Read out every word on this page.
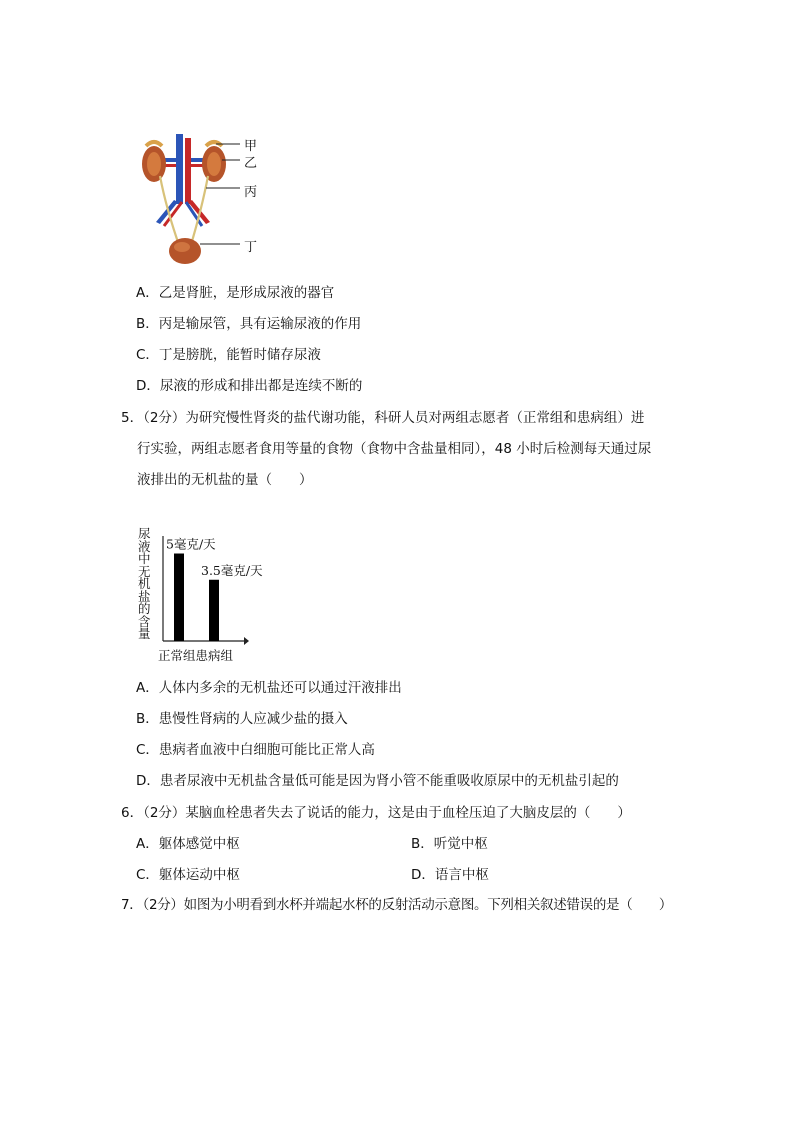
甲
乙
丙
丁
A．乙是肾脏，是形成尿液的器官
B．丙是输尿管，具有运输尿液的作用
C．丁是膀胱，能暂时储存尿液
D．尿液的形成和排出都是连续不断的
5．（2分）为研究慢性肾炎的盐代谢功能，科研人员对两组志愿者（正常组和患病组）进
行实验，两组志愿者食用等量的食物（食物中含盐量相同），48 小时后检测每天通过尿
液排出的无机盐的量（　　）
尿液中无机盐的含量
5毫克/天
3.5毫克/天
正常组患病组
A．人体内多余的无机盐还可以通过汗液排出
B．患慢性肾病的人应减少盐的摄入
C．患病者血液中白细胞可能比正常人高
D．患者尿液中无机盐含量低可能是因为肾小管不能重吸收原尿中的无机盐引起的
6．（2分）某脑血栓患者失去了说话的能力，这是由于血栓压迫了大脑皮层的（　　）
A．躯体感觉中枢	B．听觉中枢
C．躯体运动中枢	D．语言中枢
7．（2分）如图为小明看到水杯并端起水杯的反射活动示意图。下列相关叙述错误的是（　　）
